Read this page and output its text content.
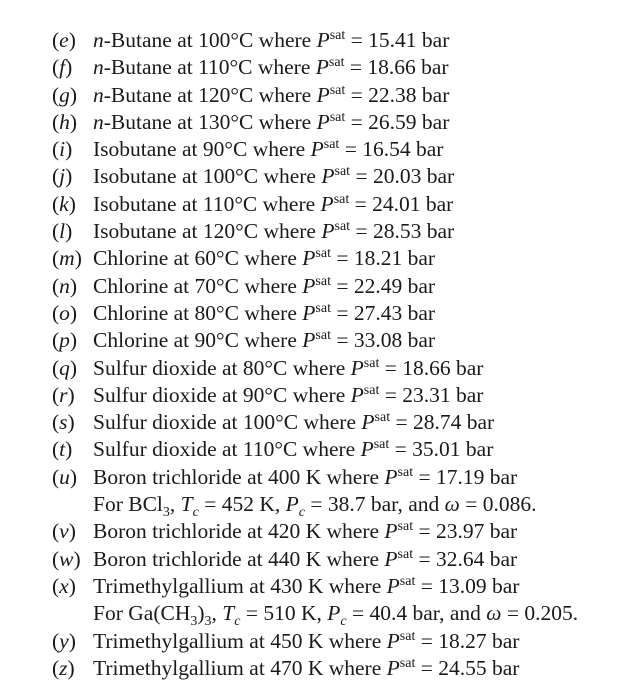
(e) n-Butane at 100°C where $P^{sat} = 15.41$ bar
(f) n-Butane at 110°C where $P^{sat} = 18.66$ bar
(g) n-Butane at 120°C where $P^{sat} = 22.38$ bar
(h) n-Butane at 130°C where $P^{sat} = 26.59$ bar
(i) Isobutane at 90°C where $P^{sat} = 16.54$ bar
(j) Isobutane at 100°C where $P^{sat} = 20.03$ bar
(k) Isobutane at 110°C where $P^{sat} = 24.01$ bar
(l) Isobutane at 120°C where $P^{sat} = 28.53$ bar
(m) Chlorine at 60°C where $P^{sat} = 18.21$ bar
(n) Chlorine at 70°C where $P^{sat} = 22.49$ bar
(o) Chlorine at 80°C where $P^{sat} = 27.43$ bar
(p) Chlorine at 90°C where $P^{sat} = 33.08$ bar
(q) Sulfur dioxide at 80°C where $P^{sat} = 18.66$ bar
(r) Sulfur dioxide at 90°C where $P^{sat} = 23.31$ bar
(s) Sulfur dioxide at 100°C where $P^{sat} = 28.74$ bar
(t) Sulfur dioxide at 110°C where $P^{sat} = 35.01$ bar
(u) Boron trichloride at 400 K where $P^{sat} = 17.19$ bar
For BCl$_3$, $T_c = 452$ K, $P_c = 38.7$ bar, and ω = 0.086.
(v) Boron trichloride at 420 K where $P^{sat} = 23.97$ bar
(w) Boron trichloride at 440 K where $P^{sat} = 32.64$ bar
(x) Trimethylgallium at 430 K where $P^{sat} = 13.09$ bar
For $Ga(CH_3)_3$, $T_c = 510$ K, $P_c = 40.4$ bar, and ω = 0.205.
(y) Trimethylgallium at 450 K where $P^{sat} = 18.27$ bar
(z) Trimethylgallium at 470 K where $P^{sat} = 24.55$ bar
